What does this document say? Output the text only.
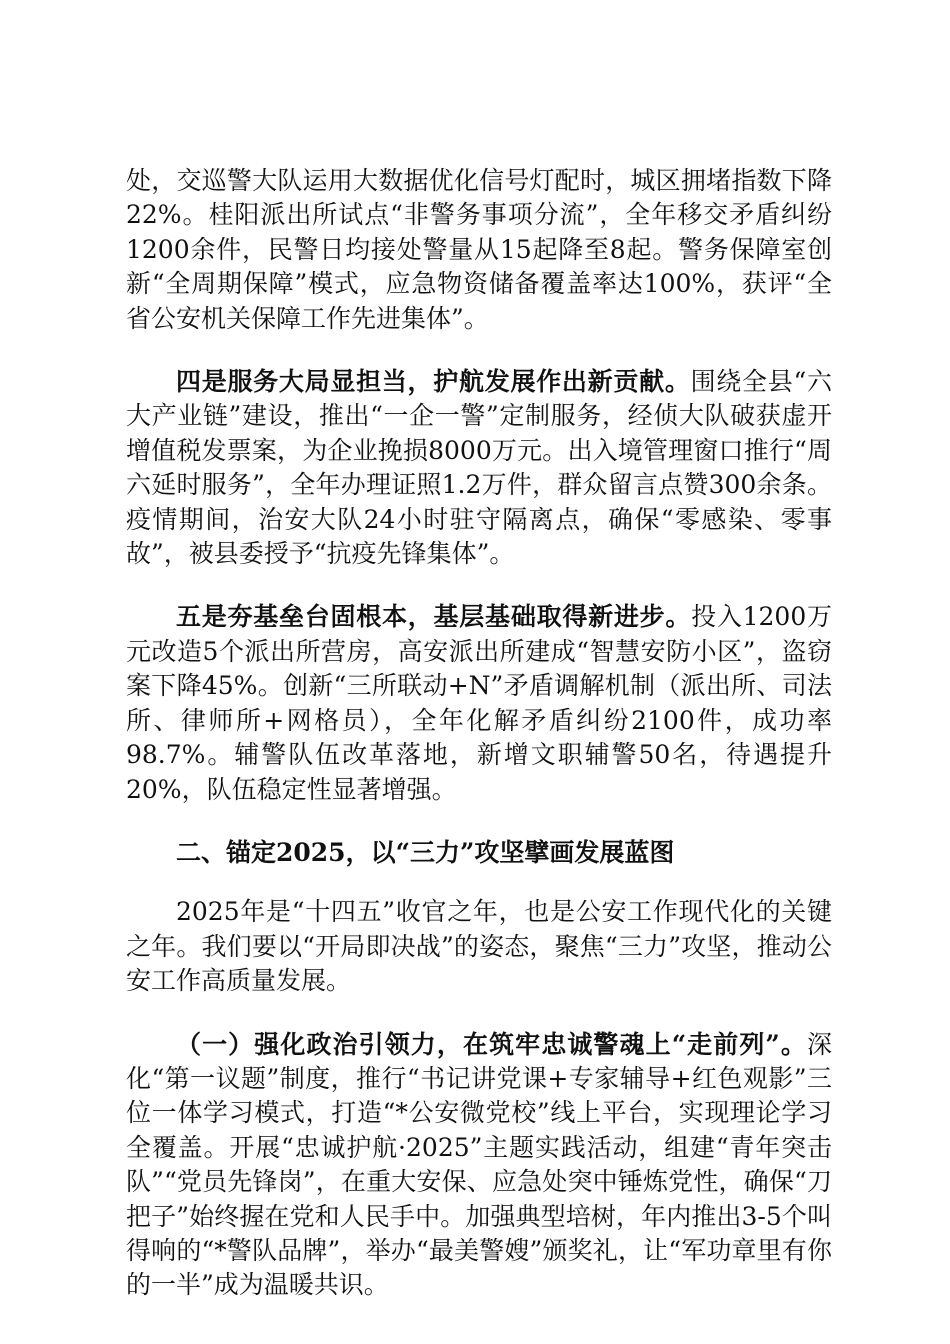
处，交巡警大队运用大数据优化信号灯配时，城区拥堵指数下降22%。桂阳派出所试点“非警务事项分流”，全年移交矛盾纠纷1200余件，民警日均接处警量从15起降至8起。警务保障室创新“全周期保障”模式，应急物资储备覆盖率达100%，获评“全省公安机关保障工作先进集体”。

四是服务大局显担当，护航发展作出新贡献。围绕全县“六大产业链”建设，推出“一企一警”定制服务，经侦大队破获虚开增值税发票案，为企业挽损8000万元。出入境管理窗口推行“周六延时服务”，全年办理证照1.2万件，群众留言点赞300余条。疫情期间，治安大队24小时驻守隔离点，确保“零感染、零事故”，被县委授予“抗疫先锋集体”。

五是夯基垒台固根本，基层基础取得新进步。投入1200万元改造5个派出所营房，高安派出所建成“智慧安防小区”，盗窃案下降45%。创新“三所联动+N”矛盾调解机制（派出所、司法所、律师所+网格员），全年化解矛盾纠纷2100件，成功率98.7%。辅警队伍改革落地，新增文职辅警50名，待遇提升20%，队伍稳定性显著增强。

二、锚定2025，以“三力”攻坚擘画发展蓝图

2025年是“十四五”收官之年，也是公安工作现代化的关键之年。我们要以“开局即决战”的姿态，聚焦“三力”攻坚，推动公安工作高质量发展。

（一）强化政治引领力，在筑牢忠诚警魂上“走前列”。深化“第一议题”制度，推行“书记讲党课+专家辅导+红色观影”三位一体学习模式，打造“*公安微党校”线上平台，实现理论学习全覆盖。开展“忠诚护航·2025”主题实践活动，组建“青年突击队”“党员先锋岗”，在重大安保、应急处突中锤炼党性，确保“刀把子”始终握在党和人民手中。加强典型培树，年内推出3-5个叫得响的“*警队品牌”，举办“最美警嫂”颁奖礼，让“军功章里有你的一半”成为温暖共识。
